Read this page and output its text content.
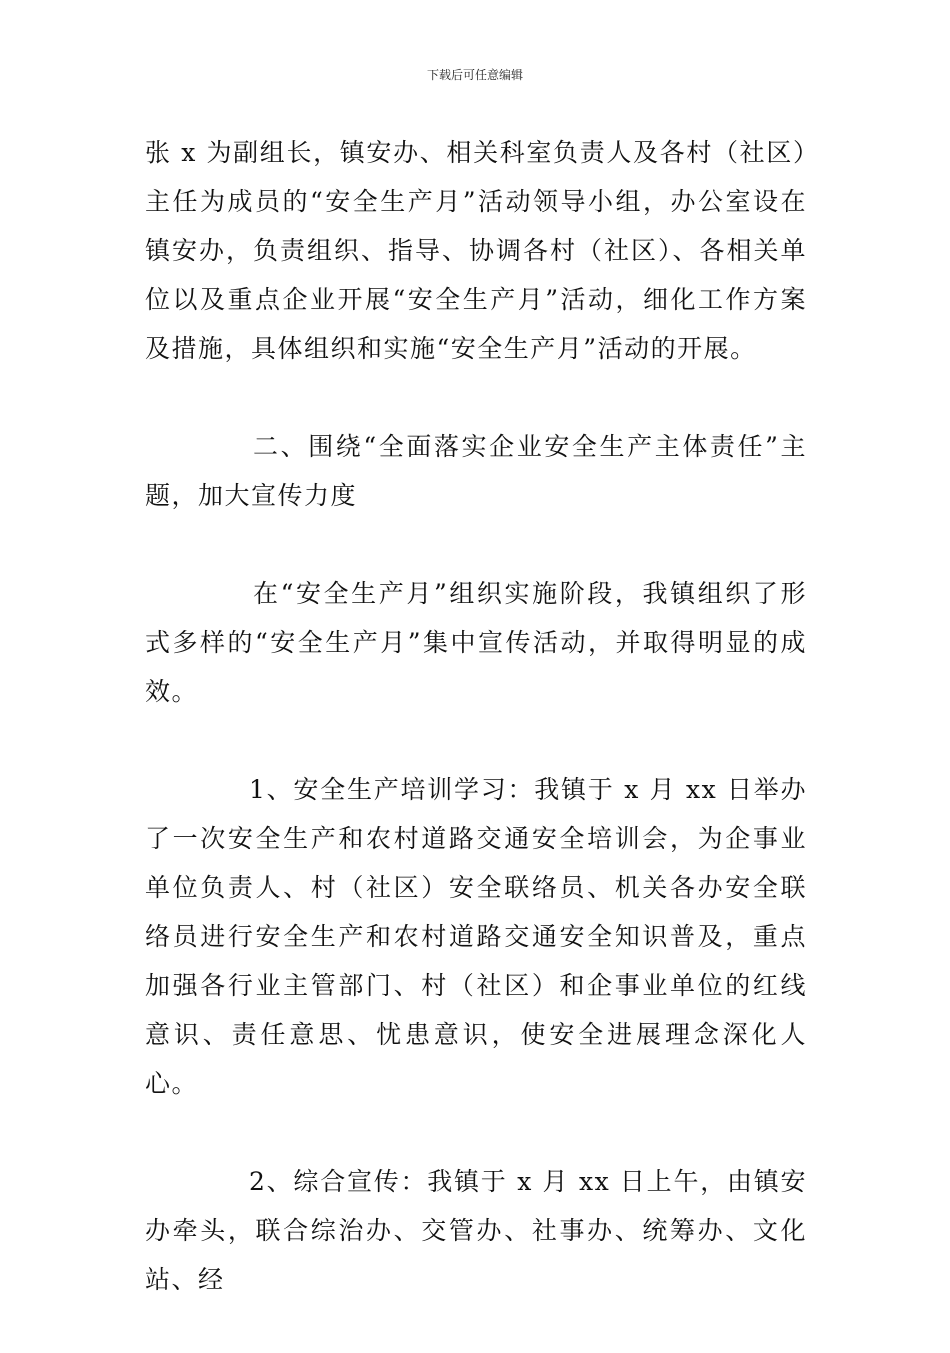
下载后可任意编辑

张 x 为副组长，镇安办、相关科室负责人及各村（社区）主任为成员的“安全生产月”活动领导小组，办公室设在镇安办，负责组织、指导、协调各村（社区）、各相关单位以及重点企业开展“安全生产月”活动，细化工作方案及措施，具体组织和实施“安全生产月”活动的开展。

二、围绕“全面落实企业安全生产主体责任”主题，加大宣传力度

在“安全生产月”组织实施阶段，我镇组织了形式多样的“安全生产月”集中宣传活动，并取得明显的成效。

1、安全生产培训学习：我镇于 x 月 xx 日举办了一次安全生产和农村道路交通安全培训会，为企事业单位负责人、村（社区）安全联络员、机关各办安全联络员进行安全生产和农村道路交通安全知识普及，重点加强各行业主管部门、村（社区）和企事业单位的红线意识、责任意思、忧患意识，使安全进展理念深化人心。

2、综合宣传：我镇于 x 月 xx 日上午，由镇安办牵头，联合综治办、交管办、社事办、统筹办、文化站、经
